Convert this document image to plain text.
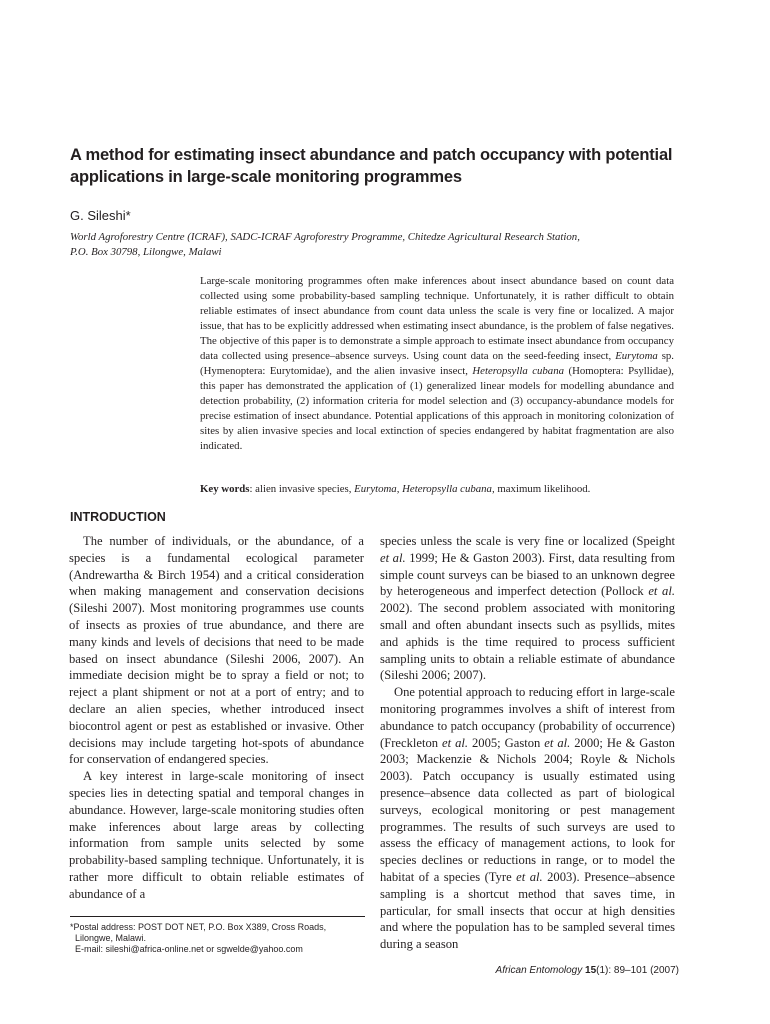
A method for estimating insect abundance and patch occupancy with potential applications in large-scale monitoring programmes

G. Sileshi*

World Agroforestry Centre (ICRAF), SADC-ICRAF Agroforestry Programme, Chitedze Agricultural Research Station,
P.O. Box 30798, Lilongwe, Malawi

Large-scale monitoring programmes often make inferences about insect abundance based on count data collected using some probability-based sampling technique. Unfortunately, it is rather difficult to obtain reliable estimates of insect abundance from count data unless the scale is very fine or localized. A major issue, that has to be explicitly addressed when estimating insect abundance, is the problem of false negatives. The objective of this paper is to demonstrate a simple approach to estimate insect abundance from occupancy data collected using presence–absence surveys. Using count data on the seed-feeding insect, Eurytoma sp. (Hymenoptera: Eurytomidae), and the alien invasive insect, Heteropsylla cubana (Homoptera: Psyllidae), this paper has demonstrated the application of (1) generalized linear models for modelling abundance and detection probability, (2) information criteria for model selection and (3) occupancy-abundance models for precise estimation of insect abundance. Potential applications of this approach in monitoring colonization of sites by alien invasive species and local extinction of species endangered by habitat fragmentation are also indicated.

Key words: alien invasive species, Eurytoma, Heteropsylla cubana, maximum likelihood.

INTRODUCTION

The number of individuals, or the abundance, of a species is a fundamental ecological parameter (Andrewartha & Birch 1954) and a critical consideration when making management and conservation decisions (Sileshi 2007). Most monitoring programmes use counts of insects as proxies of true abundance, and there are many kinds and levels of decisions that need to be made based on insect abundance (Sileshi 2006, 2007). An immediate decision might be to spray a field or not; to reject a plant shipment or not at a port of entry; and to declare an alien species, whether introduced insect biocontrol agent or pest as established or invasive. Other decisions may include targeting hot-spots of abundance for conservation of endangered species.

A key interest in large-scale monitoring of insect species lies in detecting spatial and temporal changes in abundance. However, large-scale monitoring studies often make inferences about large areas by collecting information from sample units selected by some probability-based sampling technique. Unfortunately, it is rather more difficult to obtain reliable estimates of abundance of a

species unless the scale is very fine or localized (Speight et al. 1999; He & Gaston 2003). First, data resulting from simple count surveys can be biased to an unknown degree by heterogeneous and imperfect detection (Pollock et al. 2002). The second problem associated with monitoring small and often abundant insects such as psyllids, mites and aphids is the time required to process sufficient sampling units to obtain a reliable estimate of abundance (Sileshi 2006; 2007).

One potential approach to reducing effort in large-scale monitoring programmes involves a shift of interest from abundance to patch occupancy (probability of occurrence) (Freckleton et al. 2005; Gaston et al. 2000; He & Gaston 2003; Mackenzie & Nichols 2004; Royle & Nichols 2003). Patch occupancy is usually estimated using presence–absence data collected as part of biological surveys, ecological monitoring or pest management programmes. The results of such surveys are used to assess the efficacy of management actions, to look for species declines or reductions in range, or to model the habitat of a species (Tyre et al. 2003). Presence–absence sampling is a shortcut method that saves time, in particular, for small insects that occur at high densities and where the population has to be sampled several times during a season

*Postal address: POST DOT NET, P.O. Box X389, Cross Roads,
Lilongwe, Malawi.
E-mail: sileshi@africa-online.net or sgwelde@yahoo.com

African Entomology 15(1): 89–101 (2007)
